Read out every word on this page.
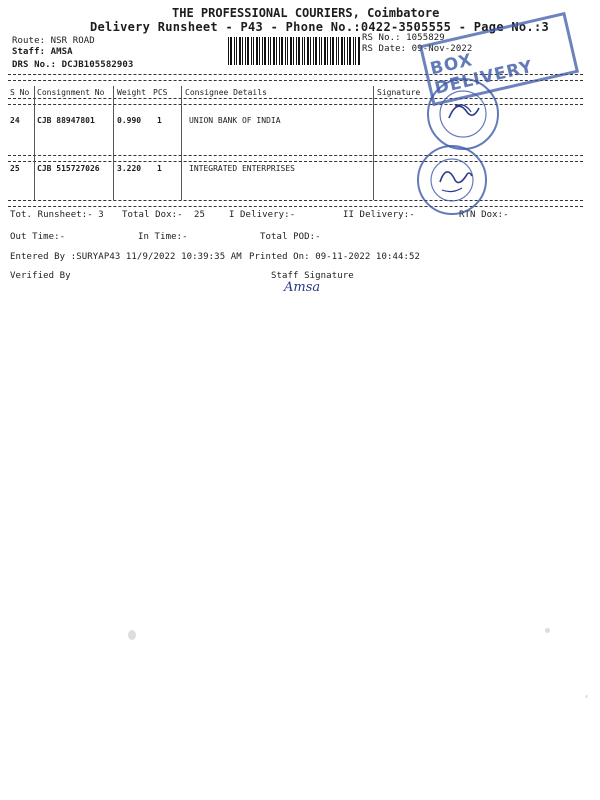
THE PROFESSIONAL COURIERS, Coimbatore
Delivery Runsheet - P43 - Phone No.:0422-3505555 - Page No.:3
Route: NSR ROAD
Staff: AMSA
DRS No.: DCJB105582903
RS No.: 1055829
RS Date: 09-Nov-2022
S No Consignment No Weight PCS Consignee Details	Signature
24 CJB 88947801	0.990 1	UNION BANK OF INDIA
25 CJB 515727026 3.220 1	INTEGRATED ENTERPRISES
Tot. Runsheet:- 3 Total Dox:- 25	I Delivery:-	II Delivery:-	RTN Dox:-
Out Time:-	In Time:-	Total POD:-
Entered By :SURYAP43 11/9/2022 10:39:35 AM Printed On: 09-11-2022 10:44:52
Verified By	Staff Signature
Amsa
BOX DELIVERY
